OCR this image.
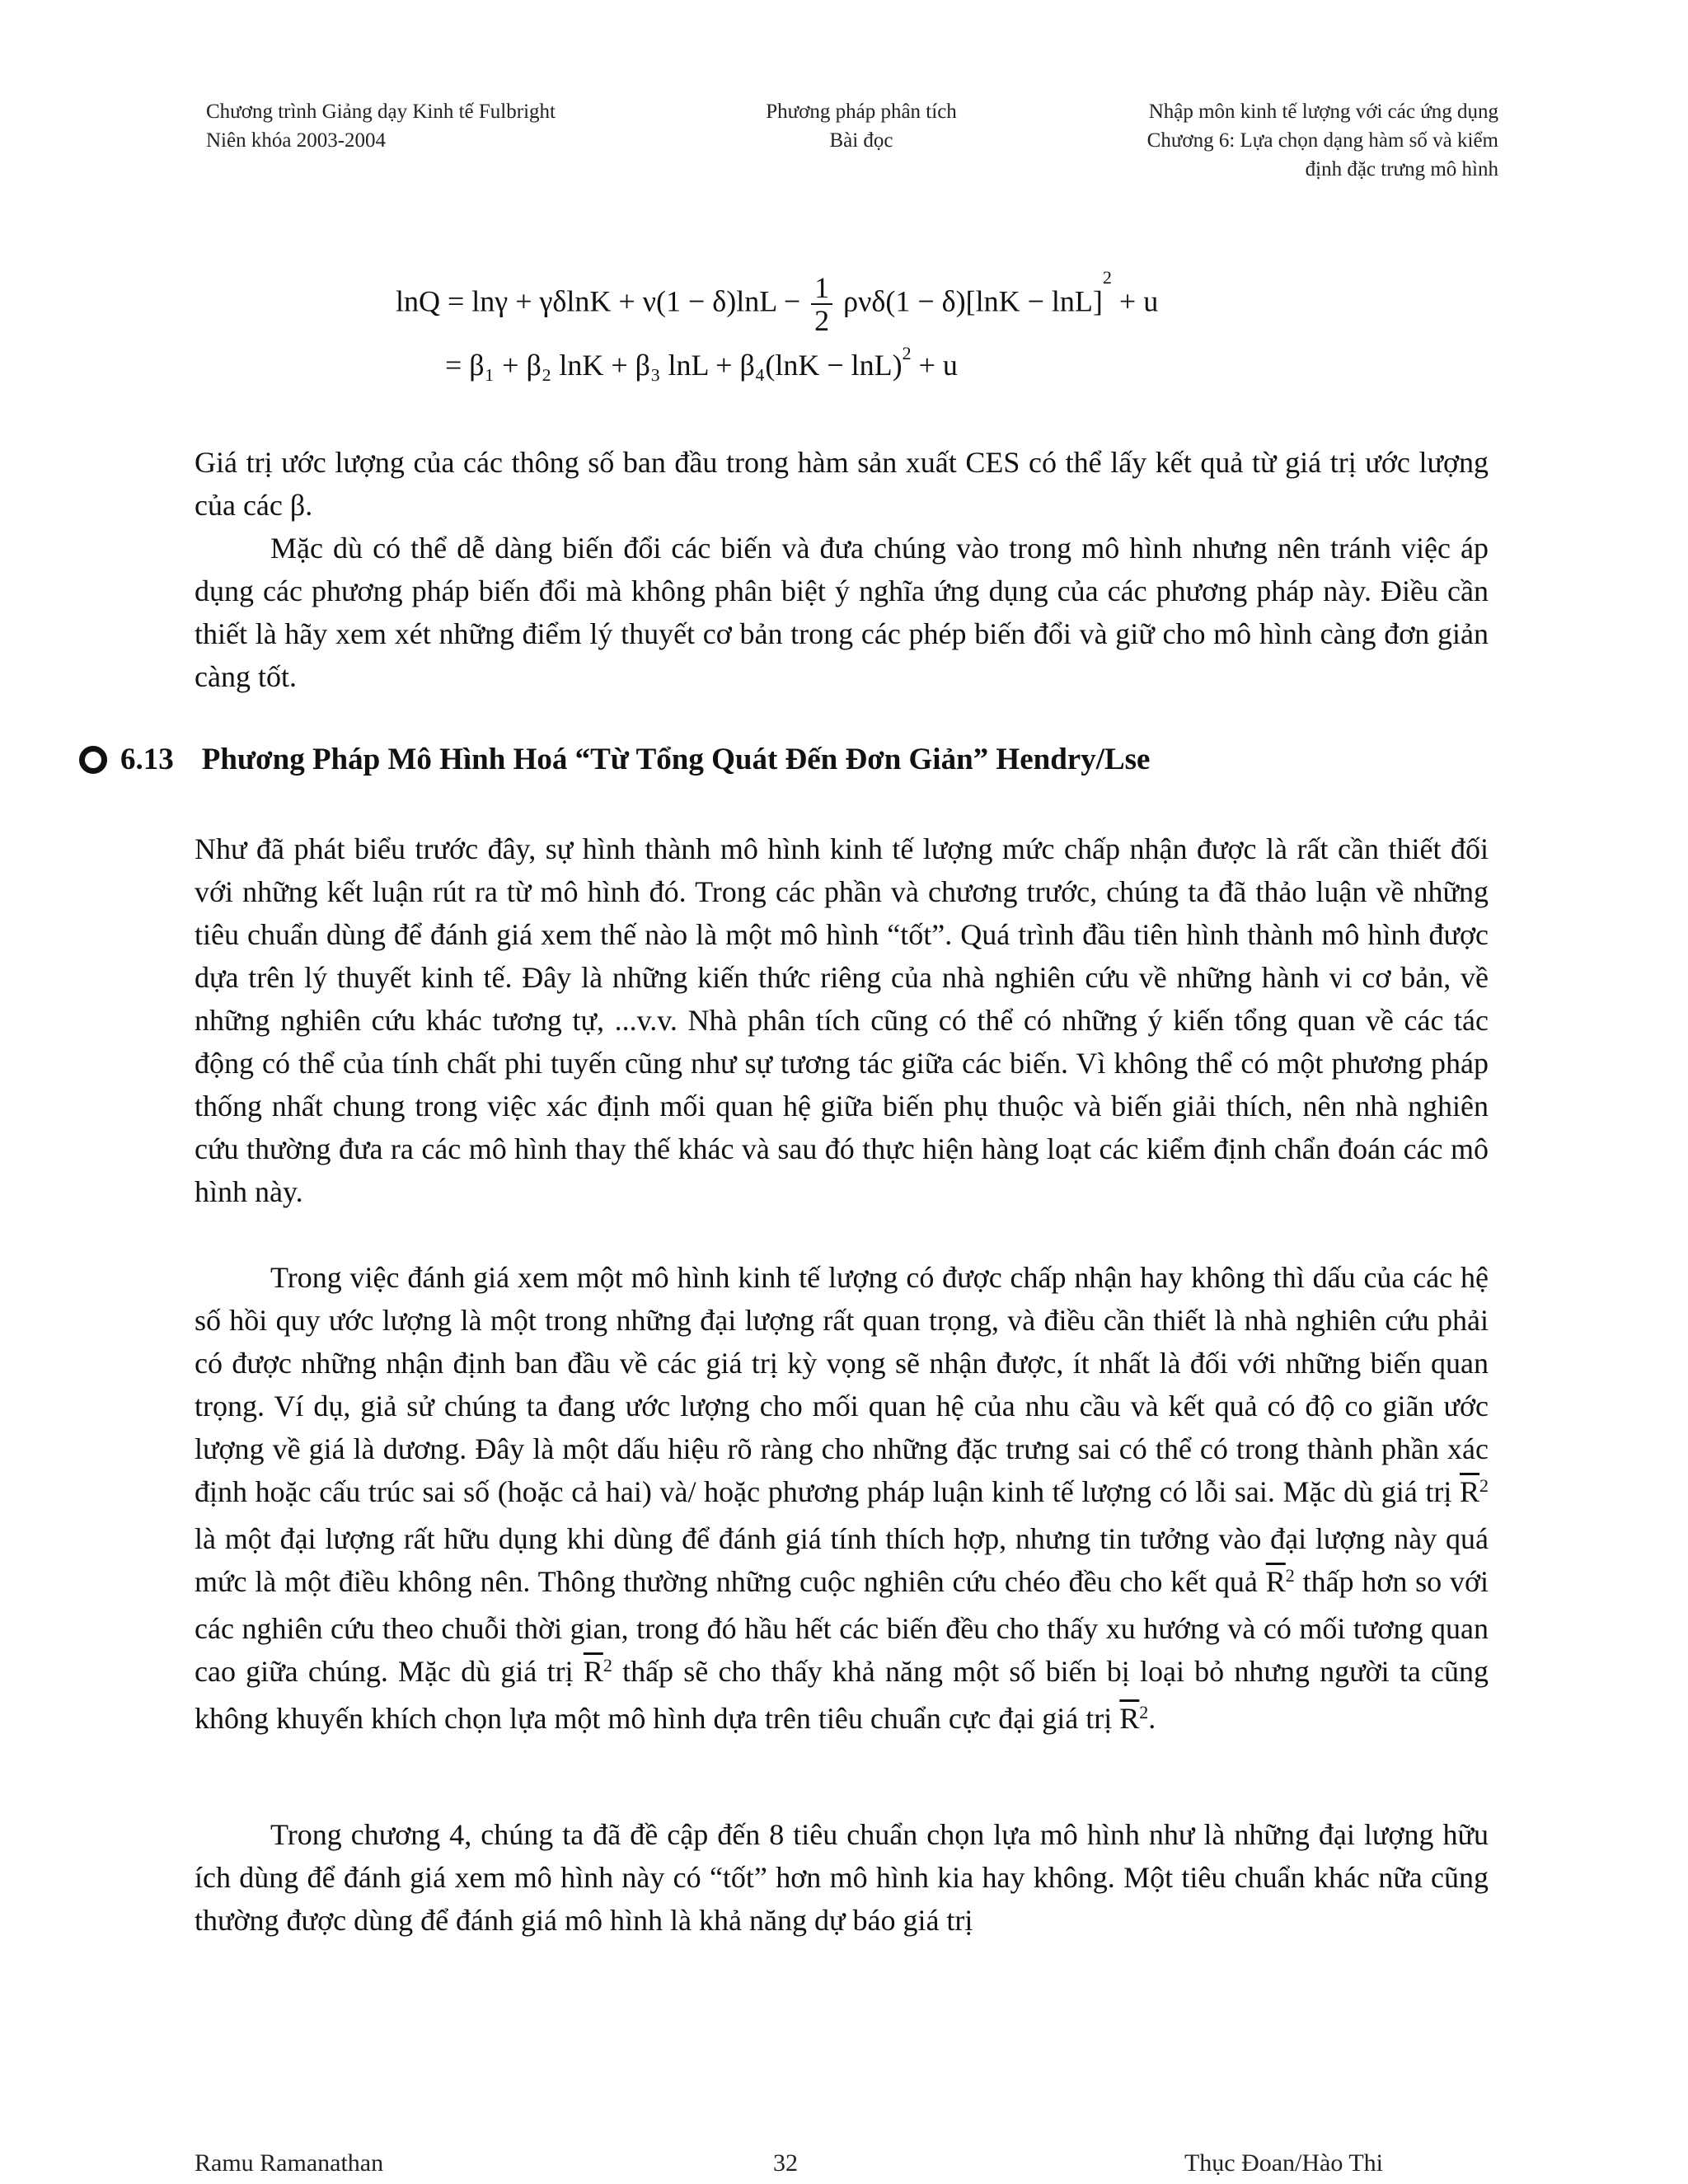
Chương trình Giảng dạy Kinh tế Fulbright
Niên khóa 2003-2004
Phương pháp phân tích
Bài đọc
Nhập môn kinh tế lượng với các ứng dụng
Chương 6: Lựa chọn dạng hàm số và kiểm
định đặc trưng mô hình
$\ln Q = \ln\gamma + \gamma\delta\ln K + \nu(1 - \delta)\ln L - \frac{1}{2} \rho\nu\delta(1 - \delta)[\ln K - \ln L]^2 + u$
= β₁ + β₂ lnK + β₃ $\ln L + \beta_4(\ln K - \ln L)^2 + u$

Giá trị ước lượng của các thông số ban đầu trong hàm sản xuất CES có thể lấy kết quả từ giá trị ước lượng của các β.

Mặc dù có thể dễ dàng biến đổi các biến và đưa chúng vào trong mô hình nhưng nên tránh việc áp dụng các phương pháp biến đổi mà không phân biệt ý nghĩa ứng dụng của các phương pháp này. Điều cần thiết là hãy xem xét những điểm lý thuyết cơ bản trong các phép biến đổi và giữ cho mô hình càng đơn giản càng tốt.

6.13 Phương Pháp Mô Hình Hoá “Từ Tổng Quát Đến Đơn Giản” Hendry/Lse

Như đã phát biểu trước đây, sự hình thành mô hình kinh tế lượng mức chấp nhận được là rất cần thiết đối với những kết luận rút ra từ mô hình đó. Trong các phần và chương trước, chúng ta đã thảo luận về những tiêu chuẩn dùng để đánh giá xem thế nào là một mô hình “tốt”. Quá trình đầu tiên hình thành mô hình được dựa trên lý thuyết kinh tế. Đây là những kiến thức riêng của nhà nghiên cứu về những hành vi cơ bản, về những nghiên cứu khác tương tự, ...v.v. Nhà phân tích cũng có thể có những ý kiến tổng quan về các tác động có thể của tính chất phi tuyến cũng như sự tương tác giữa các biến. Vì không thể có một phương pháp thống nhất chung trong việc xác định mối quan hệ giữa biến phụ thuộc và biến giải thích, nên nhà nghiên cứu thường đưa ra các mô hình thay thế khác và sau đó thực hiện hàng loạt các kiểm định chẩn đoán các mô hình này.

Trong việc đánh giá xem một mô hình kinh tế lượng có được chấp nhận hay không thì dấu của các hệ số hồi quy ước lượng là một trong những đại lượng rất quan trọng, và điều cần thiết là nhà nghiên cứu phải có được những nhận định ban đầu về các giá trị kỳ vọng sẽ nhận được, ít nhất là đối với những biến quan trọng. Ví dụ, giả sử chúng ta đang ước lượng cho mối quan hệ của nhu cầu và kết quả có độ co giãn ước lượng về giá là dương. Đây là một dấu hiệu rõ ràng cho những đặc trưng sai có thể có trong thành phần xác định hoặc cấu trúc sai số (hoặc cả hai) và/ hoặc phương pháp luận kinh tế lượng có lỗi sai. Mặc dù giá trị $\overline{R}^2$ là một đại lượng rất hữu dụng khi dùng để đánh giá tính thích hợp, nhưng tin tưởng vào đại lượng này quá mức là một điều không nên. Thông thường những cuộc nghiên cứu chéo đều cho kết quả $\overline{R}^2$ thấp hơn so với các nghiên cứu theo chuỗi thời gian, trong đó hầu hết các biến đều cho thấy xu hướng và có mối tương quan cao giữa chúng. Mặc dù giá trị $\overline{R}^2$ thấp sẽ cho thấy khả năng một số biến bị loại bỏ nhưng người ta cũng không khuyến khích chọn lựa một mô hình dựa trên tiêu chuẩn cực đại giá trị $\overline{R}^2$.

Trong chương 4, chúng ta đã đề cập đến 8 tiêu chuẩn chọn lựa mô hình như là những đại lượng hữu ích dùng để đánh giá xem mô hình này có “tốt” hơn mô hình kia hay không. Một tiêu chuẩn khác nữa cũng thường được dùng để đánh giá mô hình là khả năng dự báo giá trị

Ramu Ramanathan	32	Thục Đoan/Hào Thi
